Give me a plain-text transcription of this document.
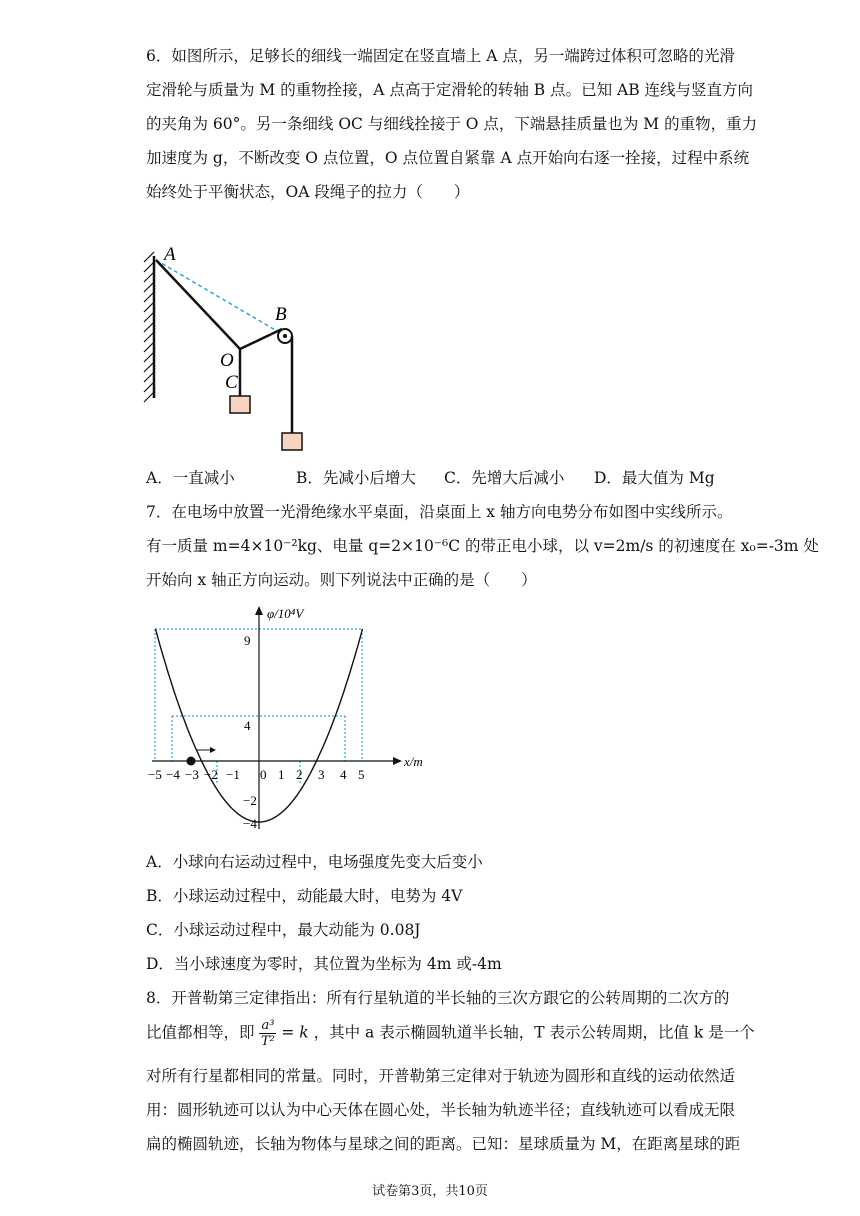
6．如图所示，足够长的细线一端固定在竖直墙上 A 点，另一端跨过体积可忽略的光滑
定滑轮与质量为 M 的重物拴接，A 点高于定滑轮的转轴 B 点。已知 AB 连线与竖直方向
的夹角为 60°。另一条细线 OC 与细线拴接于 O 点，下端悬挂质量也为 M 的重物，重力
加速度为 g，不断改变 O 点位置，O 点位置自紧靠 A 点开始向右逐一拴接，过程中系统
始终处于平衡状态，OA 段绳子的拉力（　　）
A
B
O
C
A．一直减小	B．先减小后增大 C．先增大后减小 D．最大值为 Mg
7．在电场中放置一光滑绝缘水平桌面，沿桌面上 x 轴方向电势分布如图中实线所示。
有一质量 m=4×10⁻²kg、电量 q=2×10⁻⁶C 的带正电小球，以 v=2m/s 的初速度在 x₀=-3m 处
开始向 x 轴正方向运动。则下列说法中正确的是（　　）
φ/10⁴V
x/m
9
4
−2
−4
−5 −4 −3 −2 −1 0 1 2 3 4 5
A．小球向右运动过程中，电场强度先变大后变小
B．小球运动过程中，动能最大时，电势为 4V
C．小球运动过程中，最大动能为 0.08J
D．当小球速度为零时，其位置为坐标为 4m 或-4m
8．开普勒第三定律指出：所有行星轨道的半长轴的三次方跟它的公转周期的二次方的
比值都相等，即 $\frac{\text{a³}}{\text{T²}} = k$ ，其中 a 表示椭圆轨道半长轴，T 表示公转周期，比值 k 是一个
对所有行星都相同的常量。同时，开普勒第三定律对于轨迹为圆形和直线的运动依然适
用：圆形轨迹可以认为中心天体在圆心处，半长轴为轨迹半径；直线轨迹可以看成无限
扁的椭圆轨迹，长轴为物体与星球之间的距离。已知：星球质量为 M，在距离星球的距
试卷第3页，共10页
